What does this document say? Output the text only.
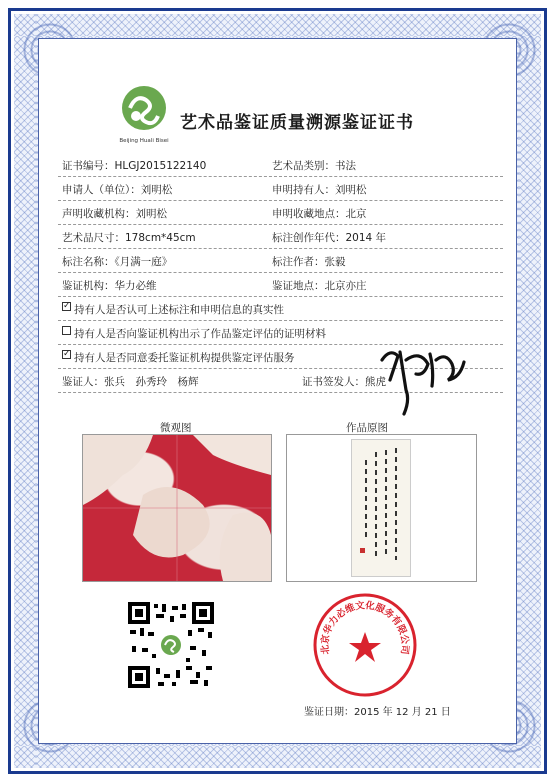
Beijing Huali Bisei
艺术品鉴证质量溯源鉴证证书
证书编号：HLGJ2015122140	艺术品类别：书法
申请人（单位）：刘明松	申明持有人：刘明松
声明收藏机构：刘明松	申明收藏地点：北京
艺术品尺寸：178cm*45cm	标注创作年代：2014 年
标注名称：《月满一庭》	标注作者：张毅
鉴证机构：华力必维	鉴证地点：北京亦庄
✓ 持有人是否认可上述标注和申明信息的真实性
持有人是否向鉴证机构出示了作品鉴定评估的证明材料
✓ 持有人是否同意委托鉴证机构提供鉴定评估服务
鉴证人：张兵　孙秀玲　杨辉	证书签发人：熊虎
微观图	作品原图
北京华力必维文化服务有限公司
鉴证日期：2015 年 12 月 21 日
